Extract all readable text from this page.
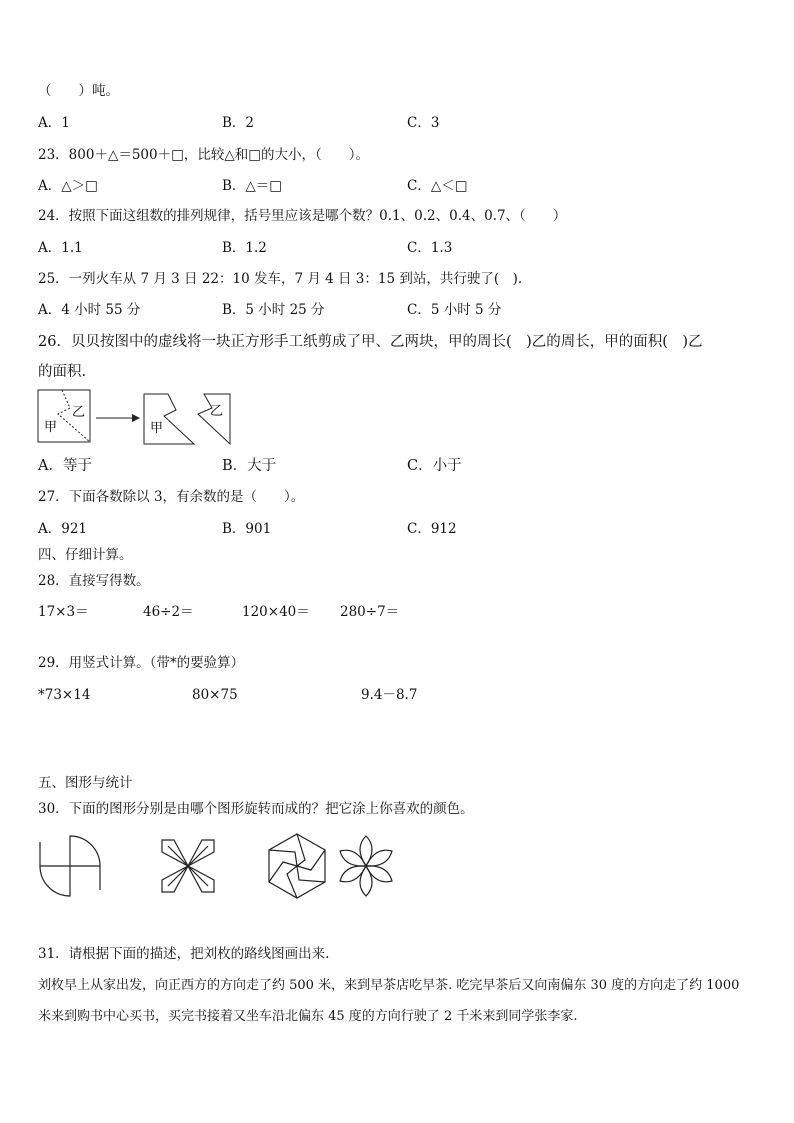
（　　）吨。
A．1	B．2	C．3
23．800＋△＝500＋□，比较△和□的大小，（　　）。
A．△＞□	B．△＝□	C．△＜□
24．按照下面这组数的排列规律，括号里应该是哪个数？0.1、0.2、0.4、0.7、（　　）
A．1.1	B．1.2	C．1.3
25．一列火车从 7 月 3 日 22：10 发车，7 月 4 日 3：15 到站，共行驶了(　).
A．4 小时 55 分	B．5 小时 25 分	C．5 小时 5 分
26．贝贝按图中的虚线将一块正方形手工纸剪成了甲、乙两块，甲的周长(　)乙的周长，甲的面积(　)乙
的面积.
甲
乙
甲
乙
A．等于	B．大于	C．小于
27．下面各数除以 3，有余数的是（　　）。
A．921	B．901	C．912
四、仔细计算。
28．直接写得数。
17×3＝	46÷2＝	120×40＝ 280÷7＝
29．用竖式计算。（带*的要验算）
*73×14	80×75	9.4－8.7
五、图形与统计
30．下面的图形分别是由哪个图形旋转而成的？把它涂上你喜欢的颜色。
31．请根据下面的描述，把刘枚的路线图画出来.
刘枚早上从家出发，向正西方的方向走了约 500 米，来到早茶店吃早茶. 吃完早茶后又向南偏东 30 度的方向走了约 1000
米来到购书中心买书，买完书接着又坐车沿北偏东 45 度的方向行驶了 2 千米来到同学张李家.
